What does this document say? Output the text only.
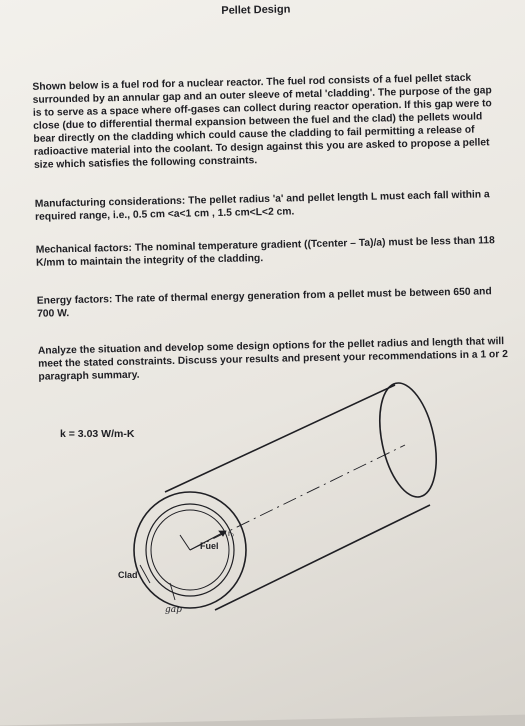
Pellet Design

Shown below is a fuel rod for a nuclear reactor. The fuel rod consists of a fuel pellet stack surrounded by an annular gap and an outer sleeve of metal 'cladding'. The purpose of the gap is to serve as a space where off-gases can collect during reactor operation. If this gap were to close (due to differential thermal expansion between the fuel and the clad) the pellets would bear directly on the cladding which could cause the cladding to fail permitting a release of radioactive material into the coolant. To design against this you are asked to propose a pellet size which satisfies the following constraints.

Manufacturing considerations: The pellet radius 'a' and pellet length L must each fall within a required range, i.e., 0.5 cm <a<1 cm , 1.5 cm<L<2 cm.

Mechanical factors: The nominal temperature gradient ((Tcenter – Ta)/a) must be less than 118 K/mm to maintain the integrity of the cladding.

Energy factors: The rate of thermal energy generation from a pellet must be between 650 and 700 W.

Analyze the situation and develop some design options for the pellet radius and length that will meet the stated constraints. Discuss your results and present your recommendations in a 1 or 2 paragraph summary.

k = 3.03 W/m-K
r₀
Fuel
Clad
gap
